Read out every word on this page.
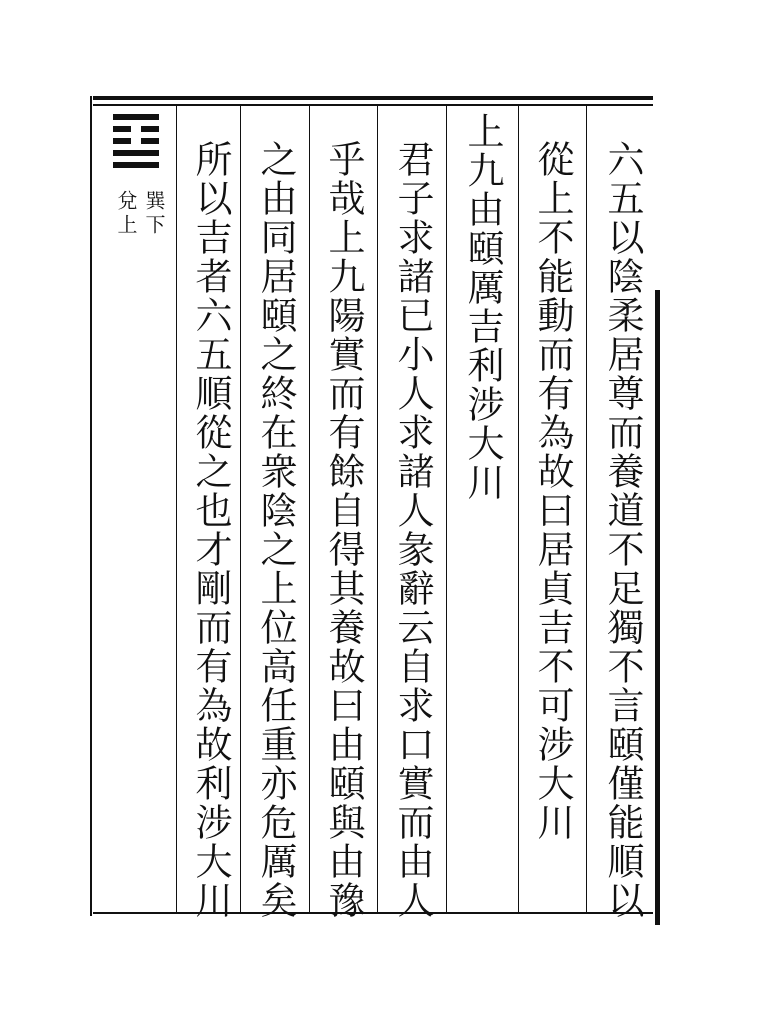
巽下
兌上	六五以陰柔居尊而養道不足獨不言頤僅能順以
從上不能動而有為故曰居貞吉不可涉大川
上九由頤厲吉利涉大川
君子求諸已小人求諸人彖辭云自求口實而由人
乎哉上九陽實而有餘自得其養故曰由頤與由豫
之由同居頤之終在衆陰之上位高任重亦危厲矣
所以吉者六五順從之也才剛而有為故利涉大川
